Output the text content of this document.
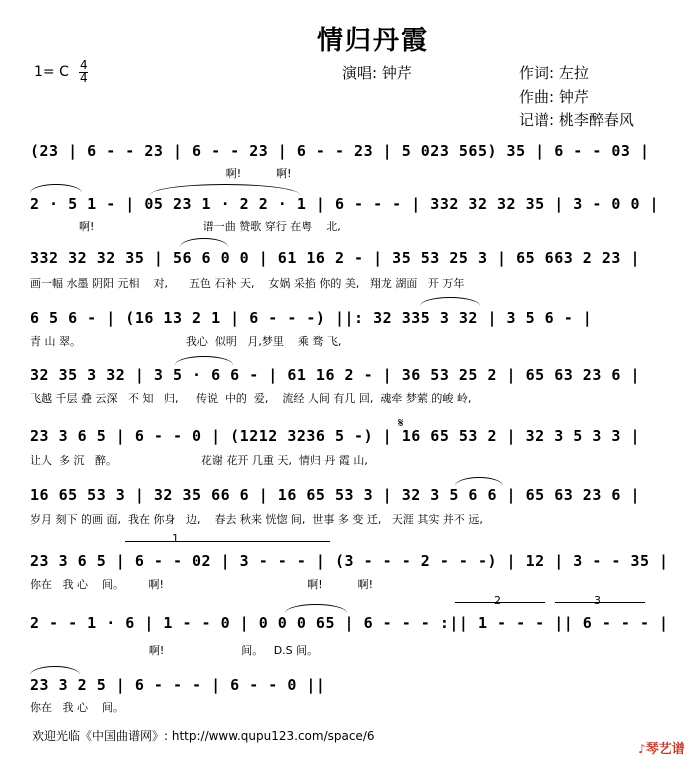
情归丹霞
1= C 4
4	演唱: 钟芹	作词: 左拉
作曲: 钟芹
记谱: 桃李醉春风
(23 | 6 - - 23 | 6 - - 23 | 6 - - 23 | 5 023 565) 35 | 6 - - 03 |
啊!          啊!
2 · 5 1 - | 05 23 1 · 2 2 · 1 | 6 - - - | 332 32 32 35 | 3 - 0 0 |
啊!                               谱一曲 赞歌 穿行 在粤    北,
332 32 32 35 | 56 6 0 0 | 61 16 2 - | 35 53 25 3 | 65 663 2 23 |
画一幅 水墨 阴阳 元相    对,      五色 石补 天,    女娲 采掐 你的 美,   翔龙 湖面   开 万年
6 5 6 - | (16 13 2 1 | 6 - - -) ||: 32 335 3 32 | 3 5 6 - |
青 山 翠。                              我心  似明   月,梦里    乘 骛 飞,
32 35 3 32 | 3 5 · 6 6 - | 61 16 2 - | 36 53 25 2 | 65 63 23 6 |
飞越 千层 叠 云深   不 知   归,     传说  中的  爱,    流经 人间 有几 回,  魂牵 梦萦 的峻 岭,
23 3 6 5 | 6 - - 0 | (1212 3236 5 -) | 16 65 53 2 | 32 3 5 3 3 |
让人  多 沉   醉。                        花谢 花开 几重 天,  情归 丹 霞 山,
16 65 53 3 | 32 35 66 6 | 16 65 53 3 | 32 3 5 6 6 | 65 63 23 6 |
岁月 刻下 的画 面,  我在 你身   边,    春去 秋来 恍惚 间,  世事 多 变 迁,   天涯 其实 并不 远,
23 3 6 5 | 6 - - 02 | 3 - - - | (3 - - - 2 - - -) | 12 | 3 - - 35 |
你在   我 心    间。       啊!                                         啊!          啊!
2 - - 1 · 6 | 1 - - 0 | 0 0 0 65 | 6 - - - :|| 1 - - - || 6 - - - |
啊!                      间。   D.S 间。
23 3 2 5 | 6 - - - | 6 - - 0 ||
你在   我 心    间。
1
2	3
𝄋
欢迎光临《中国曲谱网》: http://www.qupu123.com/space/6

♪琴艺谱
